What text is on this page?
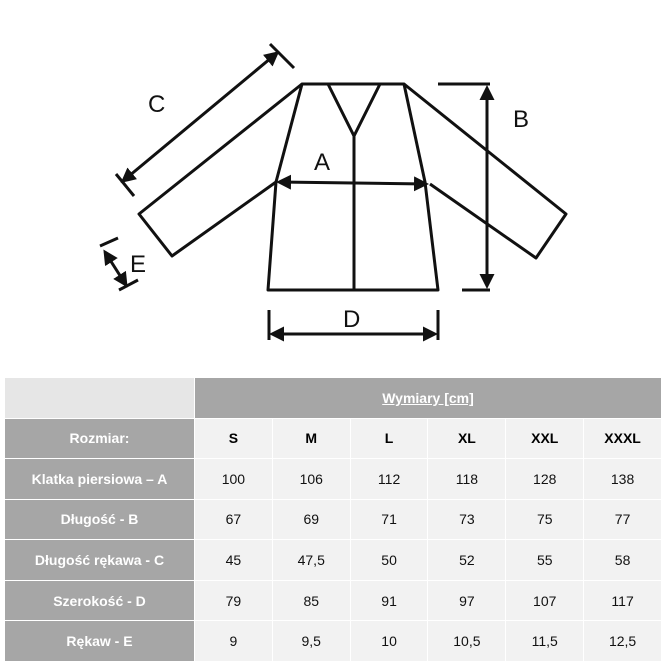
A
B
C
D
E
	Wymiary [cm]					
Rozmiar:	S	M	L	XL	XXL	XXXL
Klatka piersiowa – A	100	106	112	118	128	138
Długość - B	67	69	71	73	75	77
Długość rękawa - C	45	47,5	50	52	55	58
Szerokość - D	79	85	91	97	107	117
Rękaw - E	9	9,5	10	10,5	11,5	12,5
